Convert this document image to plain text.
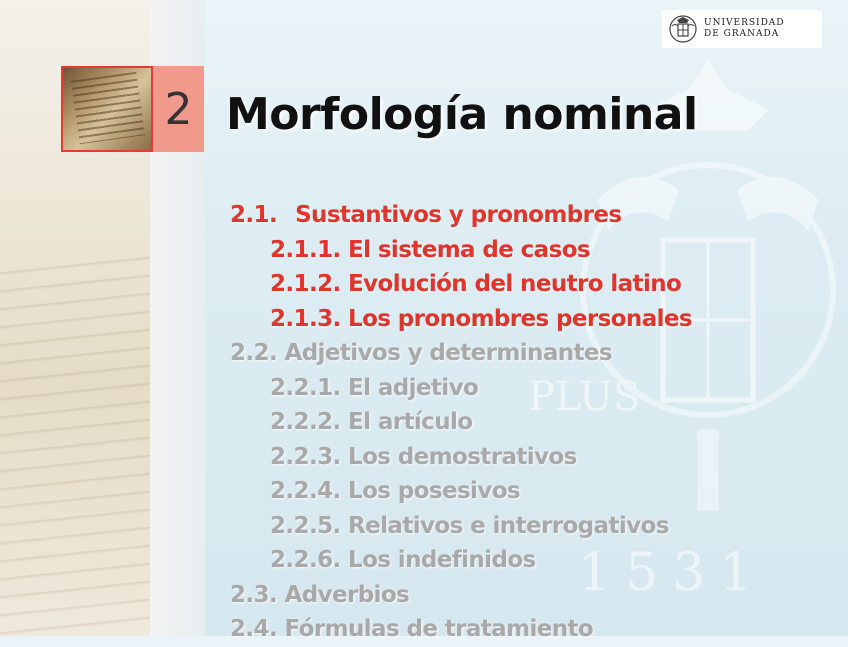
PLUS
1531
UNIVERSIDAD
DE GRANADA
2 Morfología nominal
2.1. Sustantivos y pronombres
2.1.1. El sistema de casos
2.1.2. Evolución del neutro latino
2.1.3. Los pronombres personales
2.2. Adjetivos y determinantes
2.2.1. El adjetivo
2.2.2. El artículo
2.2.3. Los demostrativos
2.2.4. Los posesivos
2.2.5. Relativos e interrogativos
2.2.6. Los indefinidos
2.3. Adverbios
2.4. Fórmulas de tratamiento
